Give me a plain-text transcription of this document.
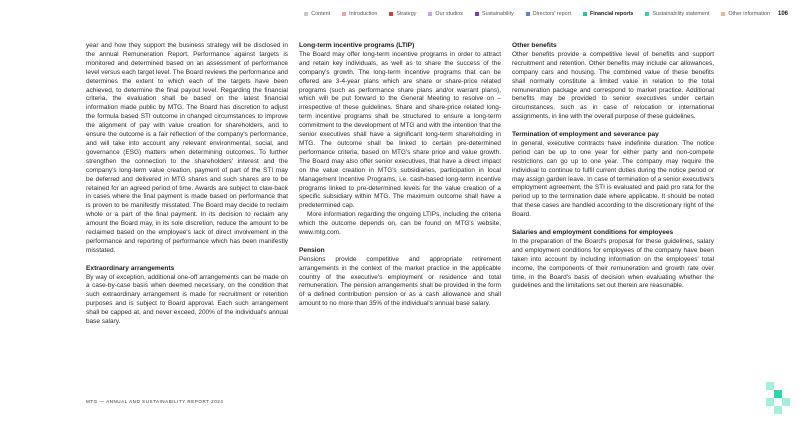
Content	Introduction	Strategy	Our studios	Sustainability	Directors' report	Financial reports	Sustainability statement	Other information 106

year and how they support the business strategy will be disclosed in the annual Remuneration Report. Performance against targets is monitored and determined based on an assessment of performance level versus each target level. The Board reviews the performance and determines the extent to which each of the targets have been achieved, to determine the final payout level. Regarding the financial criteria, the evaluation shall be based on the latest financial information made public by MTG. The Board has discretion to adjust the formula based STI outcome in changed circumstances to improve the alignment of pay with value creation for shareholders, and to ensure the outcome is a fair reflection of the company's performance, and will take into account any relevant environmental, social, and governance (ESG) matters when determining outcomes. To further strengthen the connection to the shareholders' interest and the company's long-term value creation, payment of part of the STI may be deferred and delivered in MTG shares and such shares are to be retained for an agreed period of time. Awards are subject to claw-back in cases where the final payment is made based on performance that is proven to be manifestly misstated. The Board may decide to reclaim whole or a part of the final payment. In its decision to reclaim any amount the Board may, in its sole discretion, reduce the amount to be reclaimed based on the employee's lack of direct involvement in the performance and reporting of performance which has been manifestly misstated.

Extraordinary arrangements

By way of exception, additional one-off arrangements can be made on a case-by-case basis when deemed necessary, on the condition that such extraordinary arrangement is made for recruitment or retention purposes and is subject to Board approval. Each such arrangement shall be capped at, and never exceed, 200% of the individual's annual base salary.

Long-term incentive programs (LTIP)

The Board may offer long-term incentive programs in order to attract and retain key individuals, as well as to share the success of the company's growth. The long-term incentive programs that can be offered are 3-4-year plans which are share or share-price related programs (such as performance share plans and/or warrant plans), which will be put forward to the General Meeting to resolve on – irrespective of these guidelines. Share and share-price related long-term incentive programs shall be structured to ensure a long-term commitment to the development of MTG and with the intention that the senior executives shall have a significant long-term shareholding in MTG. The outcome shall be linked to certain pre-determined performance criteria, based on MTG's share price and value growth. The Board may also offer senior executives, that have a direct impact on the value creation in MTG's subsidiaries, participation in local Management Incentive Programs, i.e. cash-based long-term incentive programs linked to pre-determined levels for the value creation of a specific subsidiary within MTG. The maximum outcome shall have a predetermined cap.

More information regarding the ongoing LTIPs, including the criteria which the outcome depends on, can be found on MTG's website, www.mtg.com.

Pension

Pensions provide competitive and appropriate retirement arrangements in the context of the market practice in the applicable country of the executive's employment or residence and total remuneration. The pension arrangements shall be provided in the form of a defined contribution pension or as a cash allowance and shall amount to no more than 35% of the individual's annual base salary.

Other benefits

Other benefits provide a competitive level of benefits and support recruitment and retention. Other benefits may include car allowances, company cars and housing. The combined value of these benefits shall normally constitute a limited value in relation to the total remuneration package and correspond to market practice. Additional benefits may be provided to senior executives under certain circumstances, such as in case of relocation or international assignments, in line with the overall purpose of these guidelines.

Termination of employment and severance pay

In general, executive contracts have indefinite duration. The notice period can be up to one year for either party and non-compete restrictions can go up to one year. The company may require the individual to continue to fulfil current duties during the notice period or may assign garden leave. In case of termination of a senior executive's employment agreement, the STI is evaluated and paid pro rata for the period up to the termination date where applicable. It should be noted that these cases are handled according to the discretionary right of the Board.

Salaries and employment conditions for employees

In the preparation of the Board's proposal for these guidelines, salary and employment conditions for employees of the company have been taken into account by including information on the employees' total income, the components of their remuneration and growth rate over time, in the Board's basis of decision when evaluating whether the guidelines and the limitations set out therein are reasonable.

MTG — ANNUAL AND SUSTAINABILITY REPORT 2024
